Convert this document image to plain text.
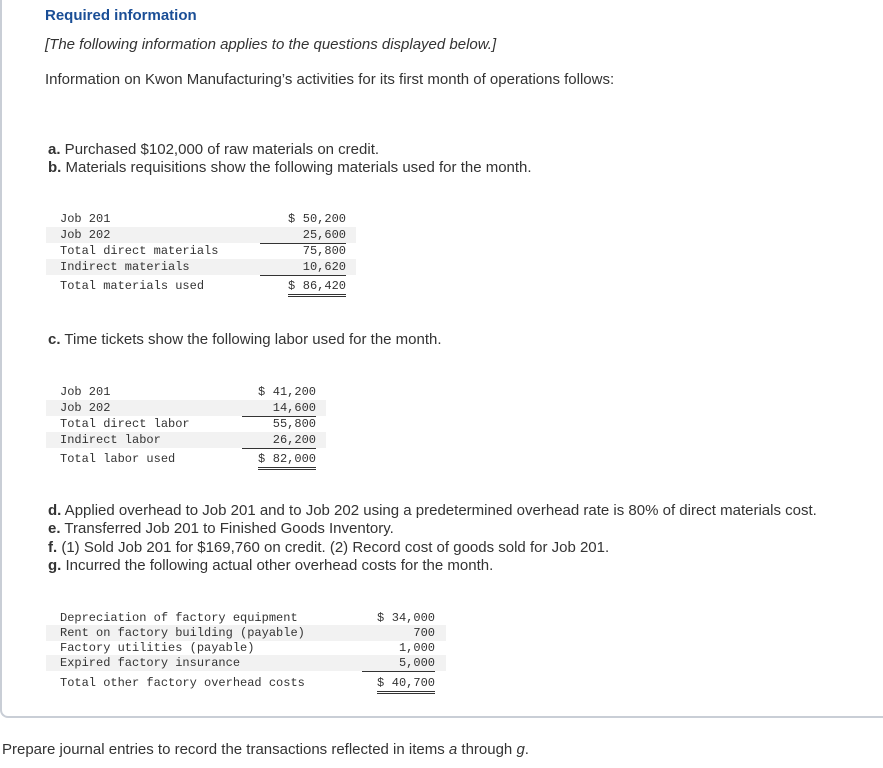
Required information
[The following information applies to the questions displayed below.]
Information on Kwon Manufacturing’s activities for its first month of operations follows:
a. Purchased $102,000 of raw materials on credit.
b. Materials requisitions show the following materials used for the month.
Job 201	$ 50,200
Job 202	25,600
Total direct materials	75,800
Indirect materials	10,620
Total materials used	$ 86,420
c. Time tickets show the following labor used for the month.
Job 201	$ 41,200
Job 202	14,600
Total direct labor	55,800
Indirect labor	26,200
Total labor used	$ 82,000
d. Applied overhead to Job 201 and to Job 202 using a predetermined overhead rate is 80% of direct materials cost.
e. Transferred Job 201 to Finished Goods Inventory.
f. (1) Sold Job 201 for $169,760 on credit. (2) Record cost of goods sold for Job 201.
g. Incurred the following actual other overhead costs for the month.
Depreciation of factory equipment	$ 34,000
Rent on factory building (payable)	700
Factory utilities (payable)	1,000
Expired factory insurance	5,000
Total other factory overhead costs	$ 40,700
Prepare journal entries to record the transactions reflected in items a through g.
